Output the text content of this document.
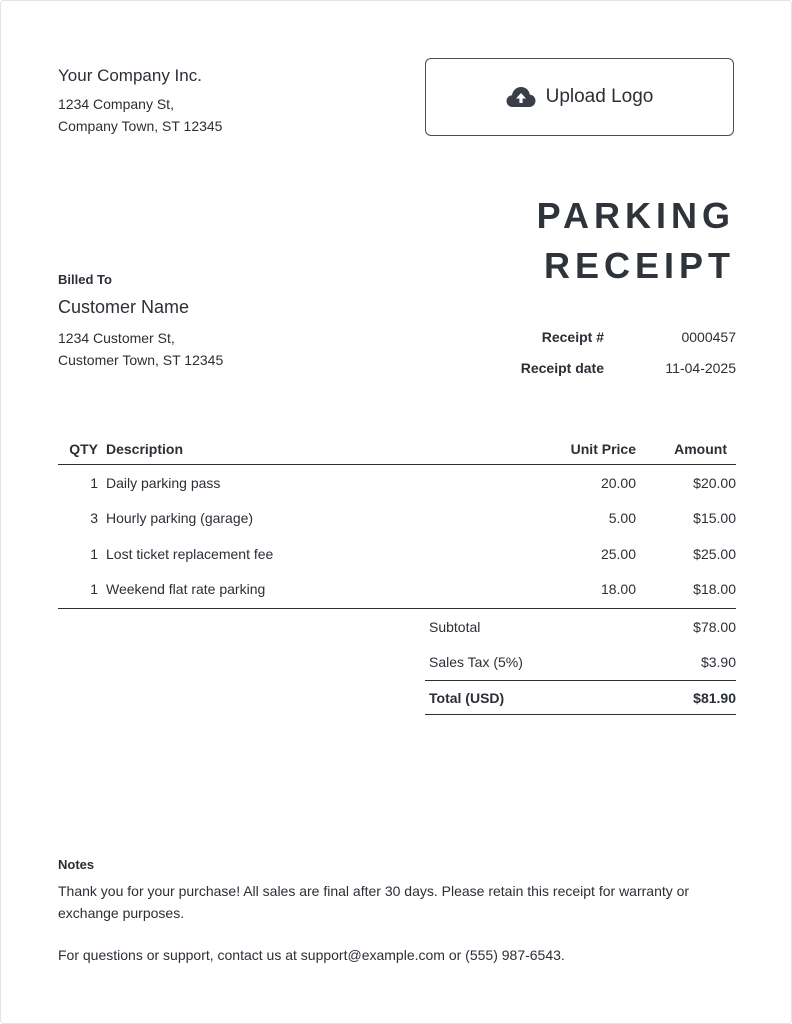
Your Company Inc.
1234 Company St,
Company Town, ST 12345
Upload Logo
PARKING
RECEIPT
Billed To
Customer Name
1234 Customer St,
Customer Town, ST 12345
Receipt #	0000457
Receipt date	11-04-2025
QTY Description	Unit Price	Amount
1 Daily parking pass	20.00	$20.00
3 Hourly parking (garage)	5.00	$15.00
1 Lost ticket replacement fee	25.00	$25.00
1 Weekend flat rate parking	18.00	$18.00
Subtotal	$78.00
Sales Tax (5%)	$3.90
Total (USD)	$81.90
Notes
Thank you for your purchase! All sales are final after 30 days. Please retain this receipt for warranty or exchange purposes.
For questions or support, contact us at support@example.com or (555) 987-6543.
